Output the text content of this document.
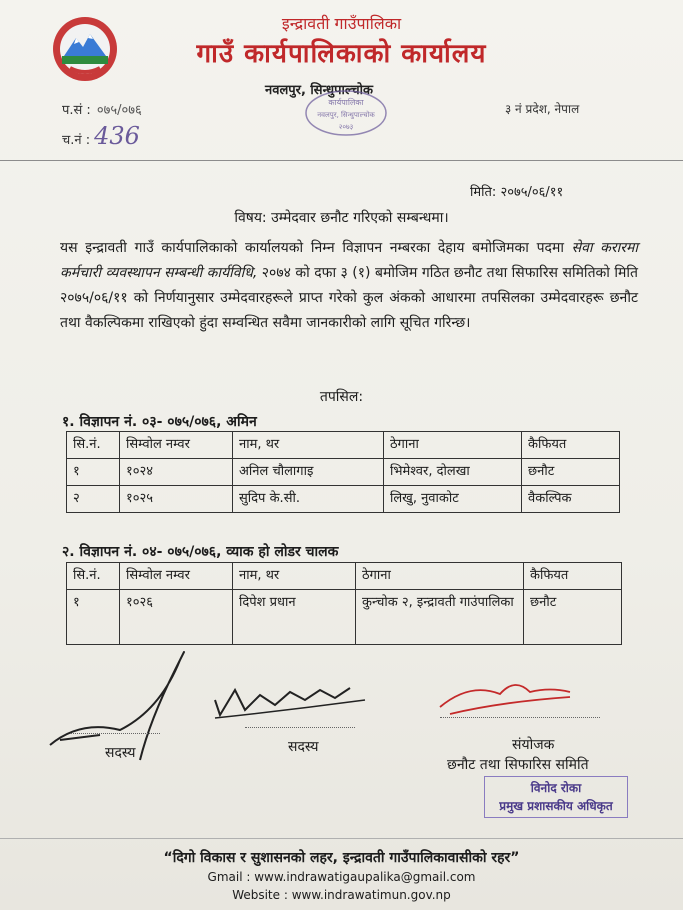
इन्द्रावती गाउँपालिका
गाउँ कार्यपालिकाको कार्यालय
नवलपुर, सिन्धुपाल्चोक
कार्यपालिका
नवलपुर, सिन्धुपाल्चोक
२०७३
प.सं : ०७५/०७६
च.नं : 436
३ नं प्रदेश, नेपाल
मिति: २०७५/०६/११
विषय: उम्मेदवार छनौट गरिएको सम्बन्धमा।
यस इन्द्रावती गाउँ कार्यपालिकाको कार्यालयको निम्न विज्ञापन नम्बरका देहाय बमोजिमका पदमा सेवा करारमा कर्मचारी व्यवस्थापन सम्बन्धी कार्यविधि, २०७४ को दफा ३ (१) बमोजिम गठित छनौट तथा सिफारिस समितिको मिति २०७५/०६/११ को निर्णयानुसार उम्मेदवारहरूले प्राप्त गरेको कुल अंकको आधारमा तपसिलका उम्मेदवारहरू छनौट तथा वैकल्पिकमा राखिएको हुंदा सम्वन्धित सवैमा जानकारीको लागि सूचित गरिन्छ।
तपसिल:
१. विज्ञापन नं. ०३- ०७५/०७६, अमिन
सि.नं.	सिम्वोल नम्वर	नाम, थर	ठेगाना	कैफियत
१	१०२४	अनिल चौलागाइ	भिमेश्वर, दोलखा	छनौट
२	१०२५	सुदिप के.सी.	लिखु, नुवाकोट	वैकल्पिक
२. विज्ञापन नं. ०४- ०७५/०७६, व्याक हो लोडर चालक
सि.नं.	सिम्वोल नम्वर	नाम, थर	ठेगाना	कैफियत
१	१०२६	दिपेश प्रधान	कुन्चोक २, इन्द्रावती गाउंपालिका	छनौट
सदस्य	सदस्य	संयोजक
छनौट तथा सिफारिस समिति
विनोद रोका
प्रमुख प्रशासकीय अधिकृत
“दिगो विकास र सुशासनको लहर, इन्द्रावती गाउँपालिकावासीको रहर”
Gmail : www.indrawatigaupalika@gmail.com
Website : www.indrawatimun.gov.np
